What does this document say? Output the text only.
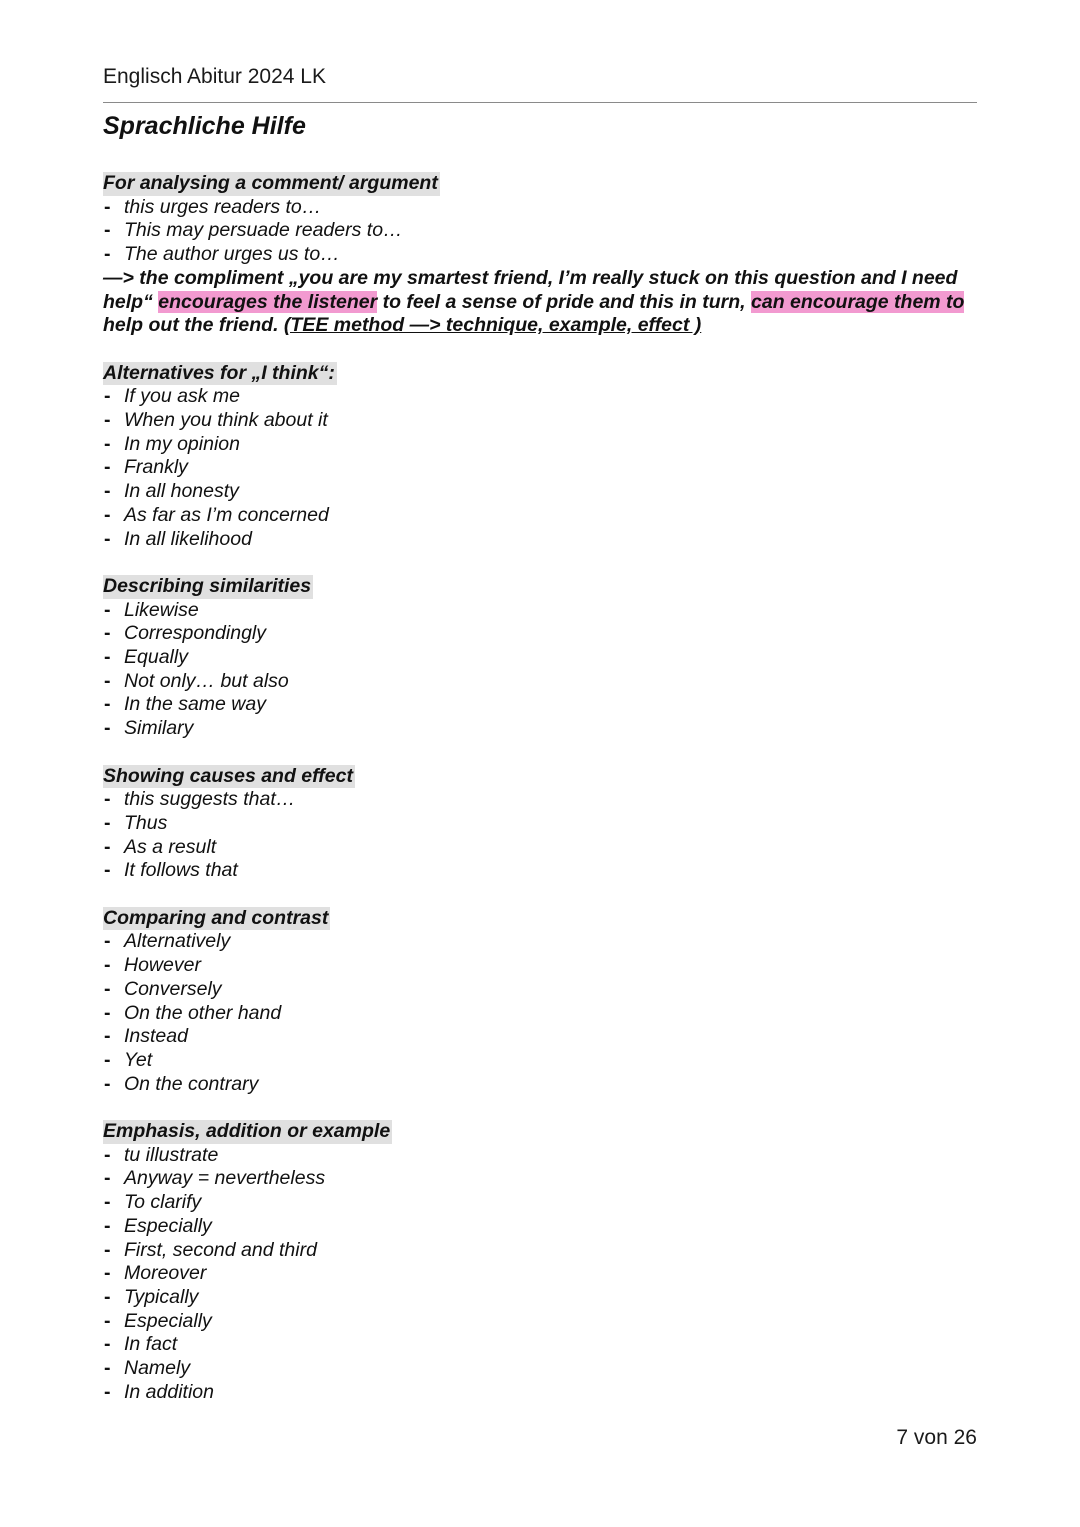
Englisch Abitur 2024 LK
Sprachliche Hilfe
For analysing a comment/ argument
- this urges readers to…
- This may persuade readers to…
- The author urges us to…
—> the compliment „you are my smartest friend, I’m really stuck on this question and I need help“ encourages the listener to feel a sense of pride and this in turn, can encourage them to help out the friend. (TEE method —> technique, example, effect )
Alternatives for „I think“:
- If you ask me
- When you think about it
- In my opinion
- Frankly
- In all honesty
- As far as I’m concerned
- In all likelihood
Describing similarities
- Likewise
- Correspondingly
- Equally
- Not only… but also
- In the same way
- Similary
Showing causes and effect
- this suggests that…
- Thus
- As a result
- It follows that
Comparing and contrast
- Alternatively
- However
- Conversely
- On the other hand
- Instead
- Yet
- On the contrary
Emphasis, addition or example
- tu illustrate
- Anyway = nevertheless
- To clarify
- Especially
- First, second and third
- Moreover
- Typically
- Especially
- In fact
- Namely
- In addition
7 von 26
